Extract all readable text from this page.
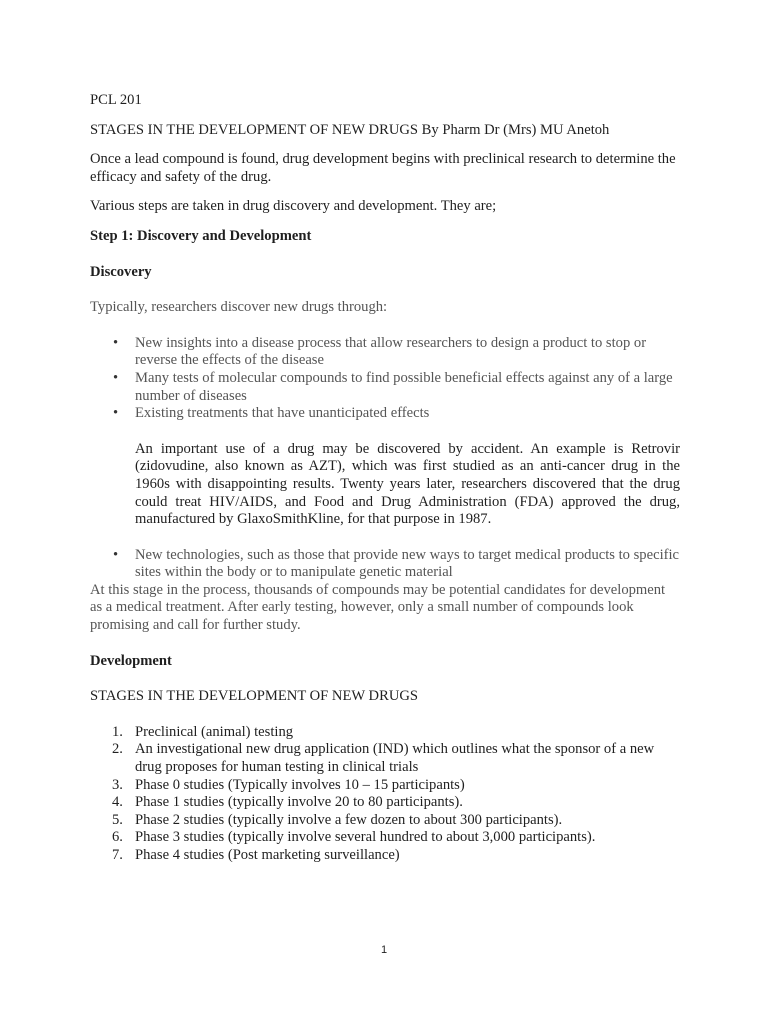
PCL 201

STAGES IN THE DEVELOPMENT OF NEW DRUGS By Pharm Dr (Mrs) MU Anetoh

Once a lead compound is found, drug development begins with preclinical research to determine the efficacy and safety of the drug.

Various steps are taken in drug discovery and development. They are;

Step 1: Discovery and Development

Discovery

Typically, researchers discover new drugs through:

• New insights into a disease process that allow researchers to design a product to stop or reverse the effects of the disease
• Many tests of molecular compounds to find possible beneficial effects against any of a large number of diseases
• Existing treatments that have unanticipated effects

An important use of a drug may be discovered by accident. An example is Retrovir (zidovudine, also known as AZT), which was first studied as an anti-cancer drug in the 1960s with disappointing results. Twenty years later, researchers discovered that the drug could treat HIV/AIDS, and Food and Drug Administration (FDA) approved the drug, manufactured by GlaxoSmithKline, for that purpose in 1987.

• New technologies, such as those that provide new ways to target medical products to specific sites within the body or to manipulate genetic material

At this stage in the process, thousands of compounds may be potential candidates for development as a medical treatment. After early testing, however, only a small number of compounds look promising and call for further study.

Development

STAGES IN THE DEVELOPMENT OF NEW DRUGS

1. Preclinical (animal) testing
2. An investigational new drug application (IND) which outlines what the sponsor of a new drug proposes for human testing in clinical trials
3. Phase 0 studies (Typically involves 10 – 15 participants)
4. Phase 1 studies (typically involve 20 to 80 participants).
5. Phase 2 studies (typically involve a few dozen to about 300 participants).
6. Phase 3 studies (typically involve several hundred to about 3,000 participants).
7. Phase 4 studies (Post marketing surveillance)
1
